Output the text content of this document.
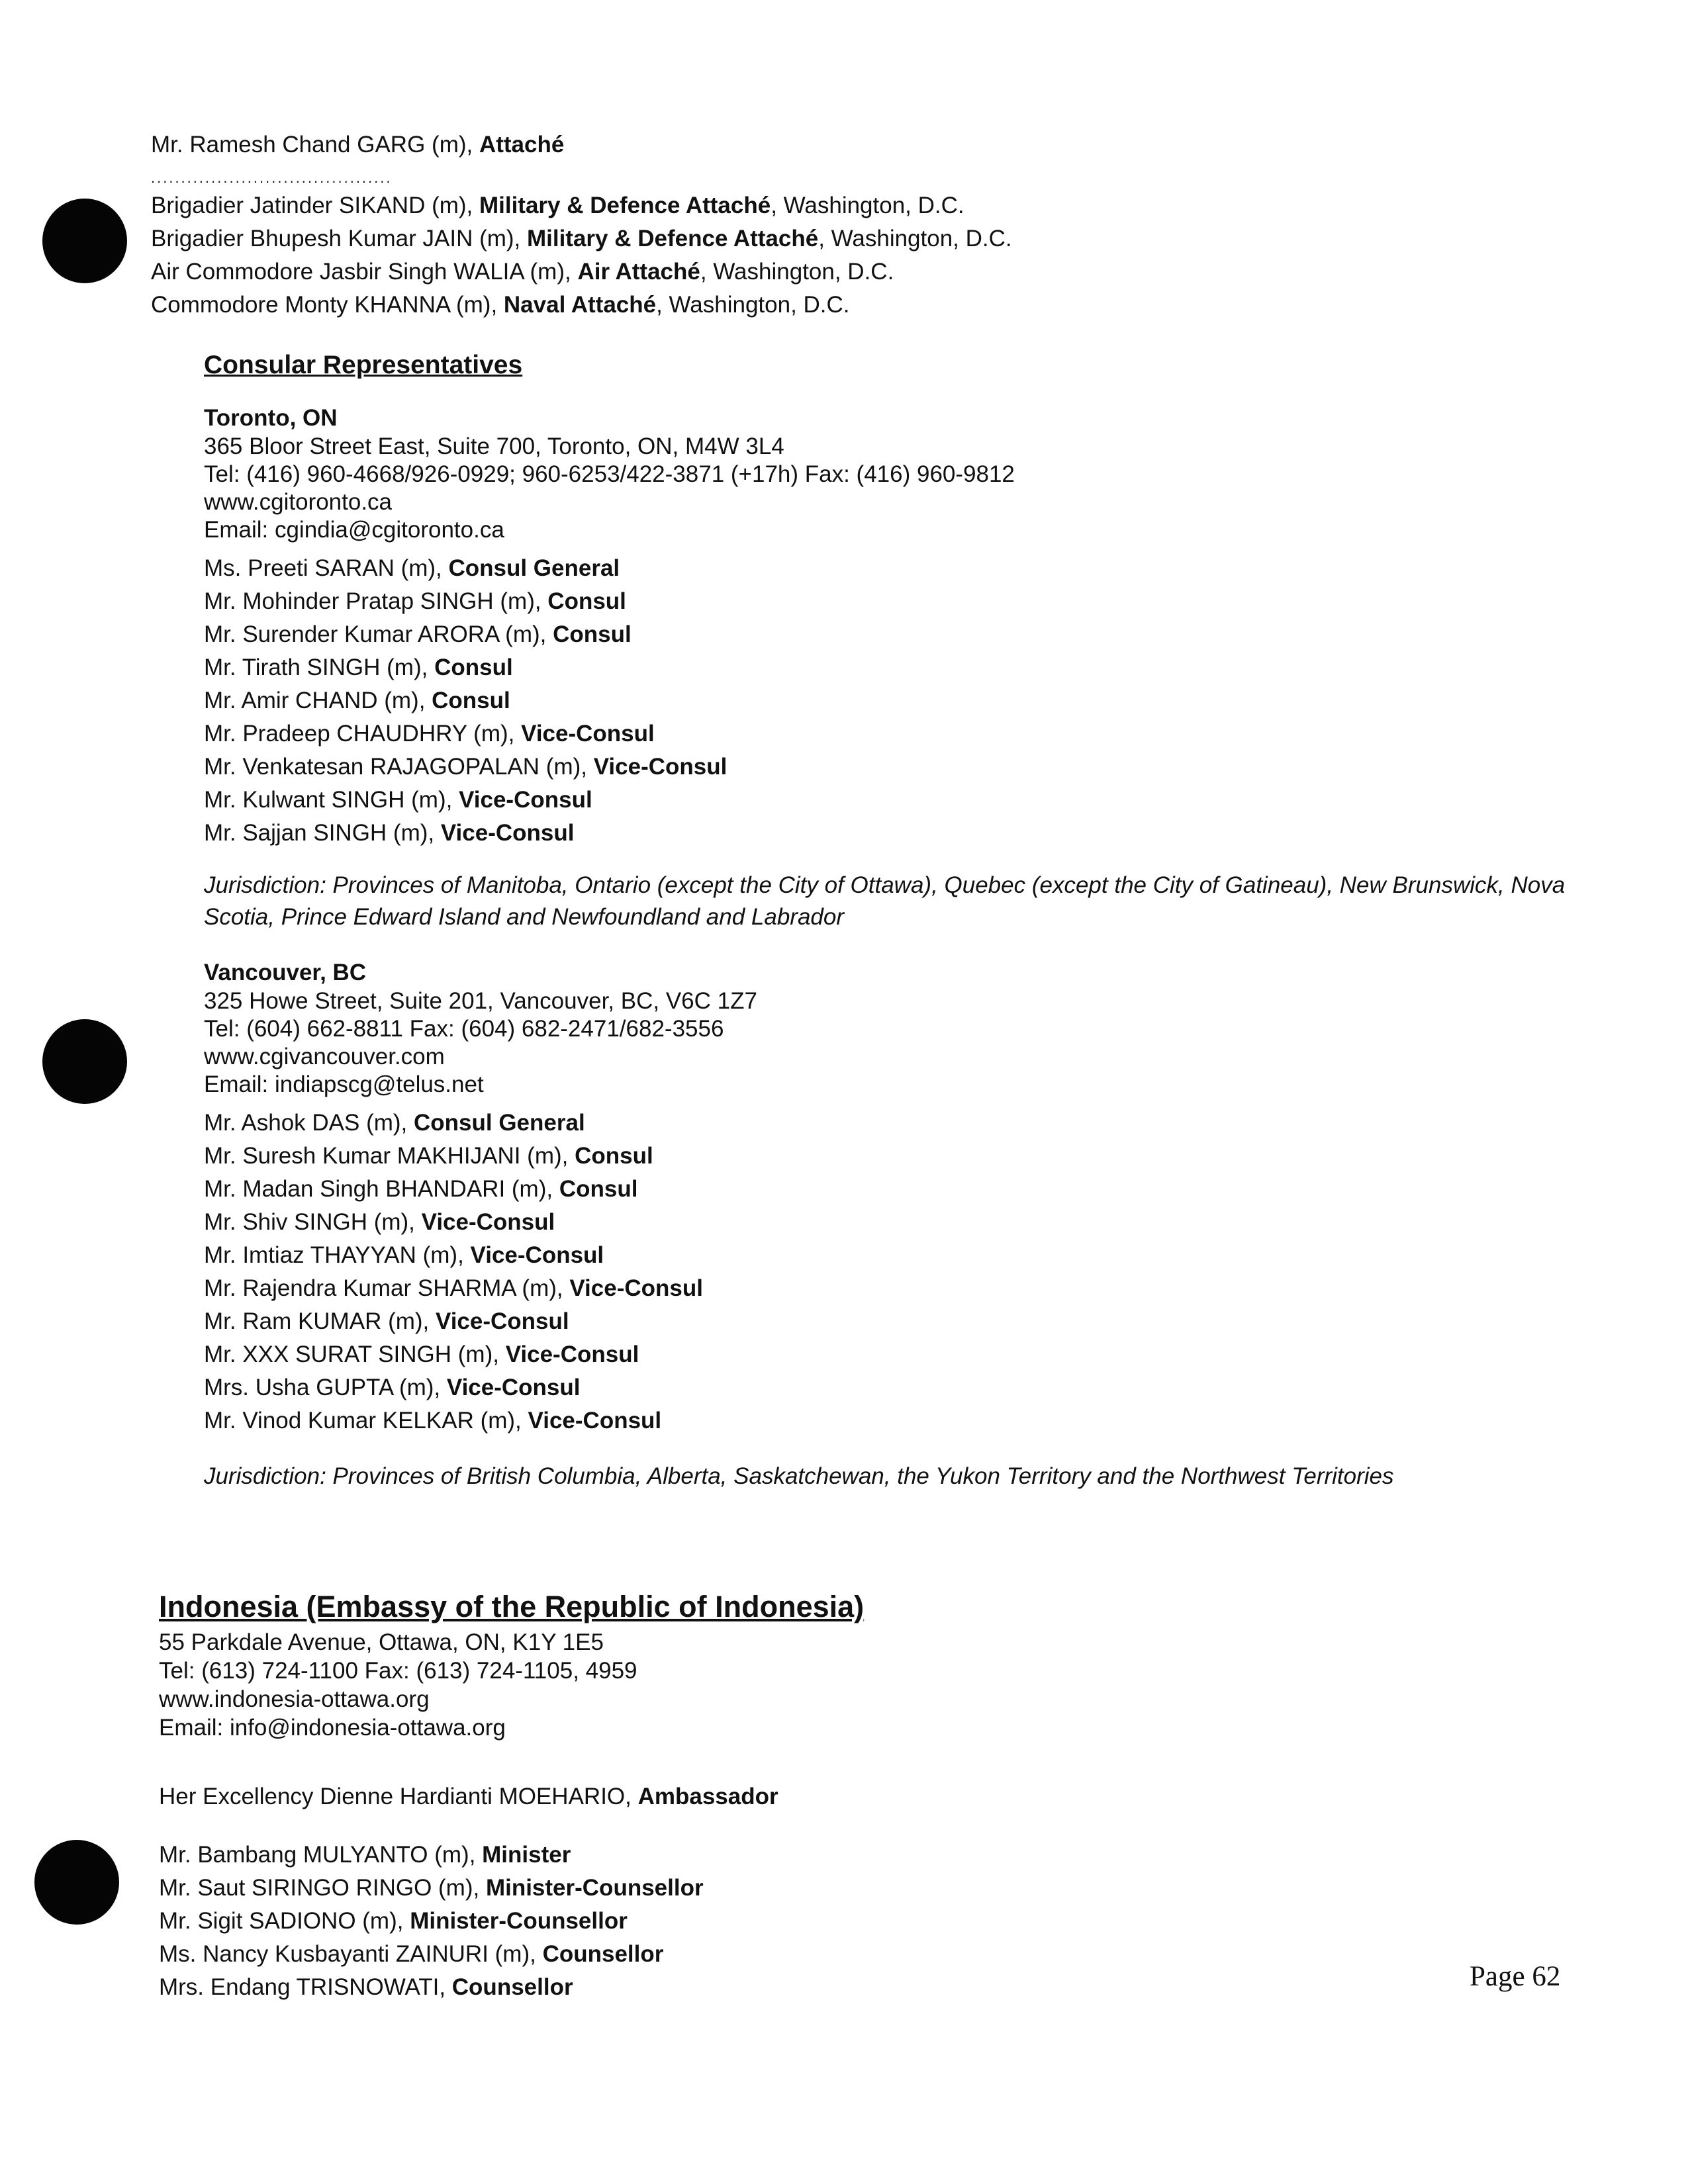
Mr. Ramesh Chand GARG (m), Attaché
........................................
Brigadier Jatinder SIKAND (m), Military & Defence Attaché, Washington, D.C.
Brigadier Bhupesh Kumar JAIN (m), Military & Defence Attaché, Washington, D.C.
Air Commodore Jasbir Singh WALIA (m), Air Attaché, Washington, D.C.
Commodore Monty KHANNA (m), Naval Attaché, Washington, D.C.
Consular Representatives
Toronto, ON
365 Bloor Street East, Suite 700, Toronto, ON, M4W 3L4
Tel: (416) 960-4668/926-0929; 960-6253/422-3871 (+17h) Fax: (416) 960-9812
www.cgitoronto.ca
Email: cgindia@cgitoronto.ca
Ms. Preeti SARAN (m), Consul General
Mr. Mohinder Pratap SINGH (m), Consul
Mr. Surender Kumar ARORA (m), Consul
Mr. Tirath SINGH (m), Consul
Mr. Amir CHAND (m), Consul
Mr. Pradeep CHAUDHRY (m), Vice-Consul
Mr. Venkatesan RAJAGOPALAN (m), Vice-Consul
Mr. Kulwant SINGH (m), Vice-Consul
Mr. Sajjan SINGH (m), Vice-Consul
Jurisdiction: Provinces of Manitoba, Ontario (except the City of Ottawa), Quebec (except the City of Gatineau), New Brunswick, Nova Scotia, Prince Edward Island and Newfoundland and Labrador
Vancouver, BC
325 Howe Street, Suite 201, Vancouver, BC, V6C 1Z7
Tel: (604) 662-8811 Fax: (604) 682-2471/682-3556
www.cgivancouver.com
Email: indiapscg@telus.net
Mr. Ashok DAS (m), Consul General
Mr. Suresh Kumar MAKHIJANI (m), Consul
Mr. Madan Singh BHANDARI (m), Consul
Mr. Shiv SINGH (m), Vice-Consul
Mr. Imtiaz THAYYAN (m), Vice-Consul
Mr. Rajendra Kumar SHARMA (m), Vice-Consul
Mr. Ram KUMAR (m), Vice-Consul
Mr. XXX SURAT SINGH (m), Vice-Consul
Mrs. Usha GUPTA (m), Vice-Consul
Mr. Vinod Kumar KELKAR (m), Vice-Consul
Jurisdiction: Provinces of British Columbia, Alberta, Saskatchewan, the Yukon Territory and the Northwest Territories
Indonesia (Embassy of the Republic of Indonesia)
55 Parkdale Avenue, Ottawa, ON, K1Y 1E5
Tel: (613) 724-1100 Fax: (613) 724-1105, 4959
www.indonesia-ottawa.org
Email: info@indonesia-ottawa.org
Her Excellency Dienne Hardianti MOEHARIO, Ambassador
Mr. Bambang MULYANTO (m), Minister
Mr. Saut SIRINGO RINGO (m), Minister-Counsellor
Mr. Sigit SADIONO (m), Minister-Counsellor
Ms. Nancy Kusbayanti ZAINURI (m), Counsellor
Mrs. Endang TRISNOWATI, Counsellor	Page 62
